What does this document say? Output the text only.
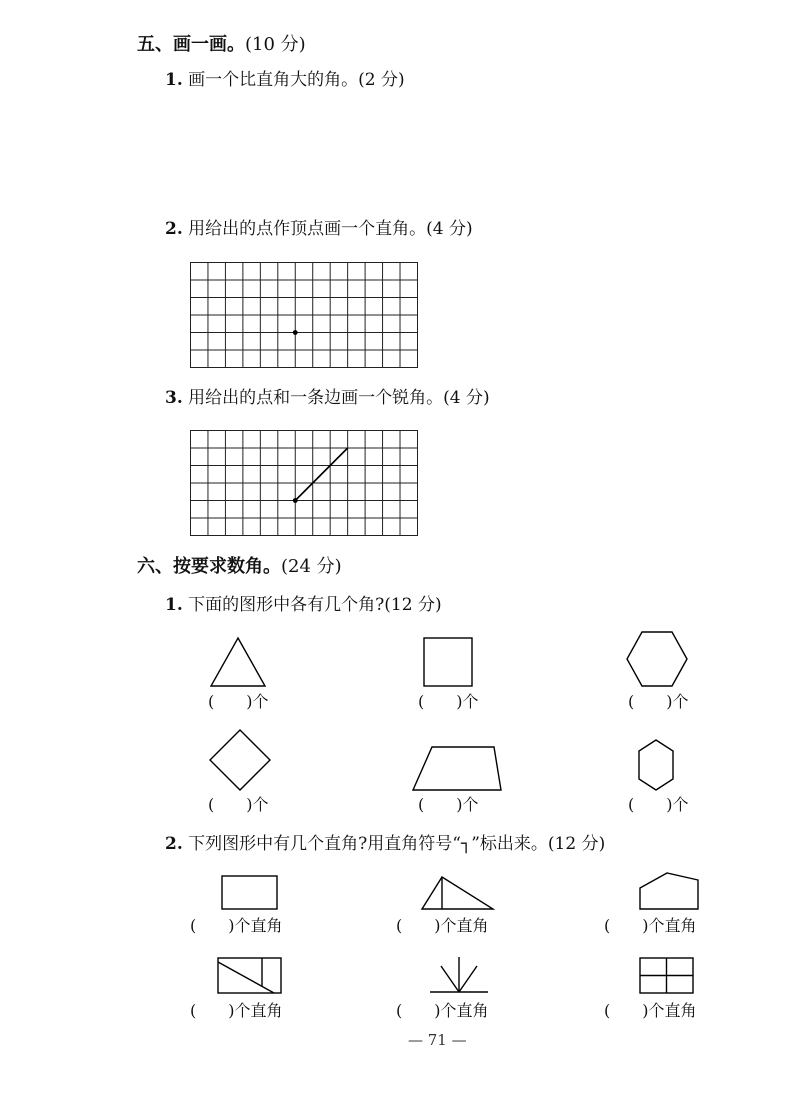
五、画一画。(10 分)
1. 画一个比直角大的角。(2 分)
2. 用给出的点作顶点画一个直角。(4 分)
3. 用给出的点和一条边画一个锐角。(4 分)
六、按要求数角。(24 分)
1. 下面的图形中各有几个角?(12 分)
(　　)个	(　　)个	(　　)个
(　　)个	(　　)个	(　　)个
2. 下列图形中有几个直角?用直角符号“┐”标出来。(12 分)
(　　)个直角	(　　)个直角	(　　)个直角
(　　)个直角	(　　)个直角	(　　)个直角
— 71 —
